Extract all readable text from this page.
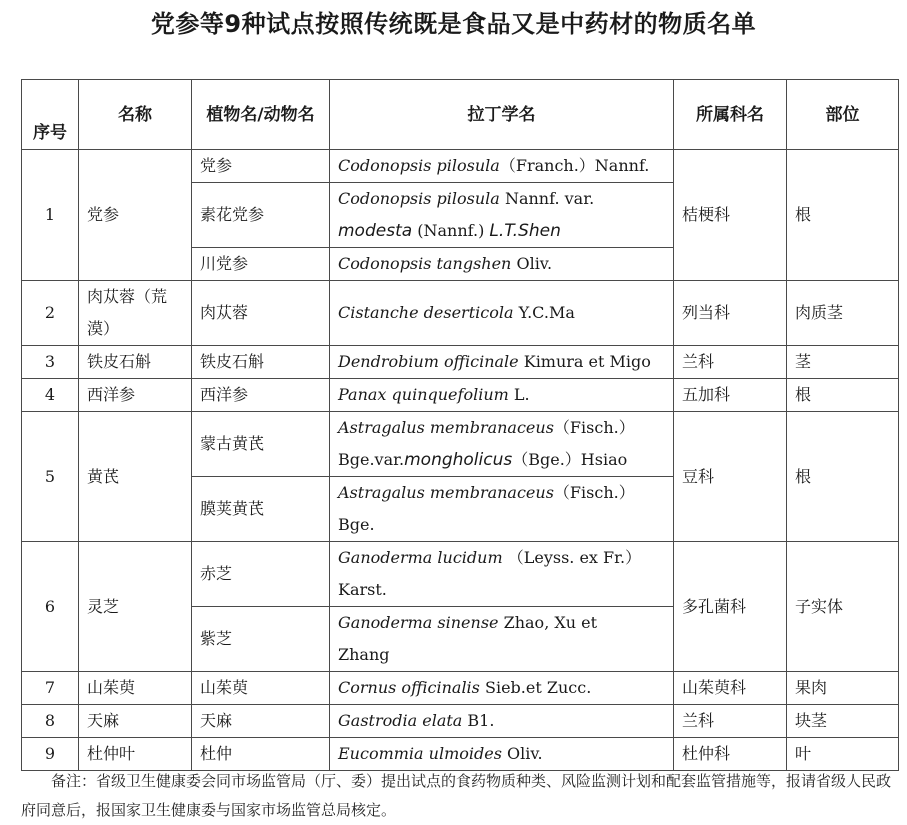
党参等9种试点按照传统既是食品又是中药材的物质名单
序号	名称	植物名/动物名	拉丁学名	所属科名	部位
1	党参	党参	Codonopsis pilosula（Franch.）Nannf.	桔梗科	根
		素花党参	Codonopsis pilosula Nannf. var.
modesta (Nannf.) L.T.Shen		
		川党参	Codonopsis tangshen Oliv.		
2	肉苁蓉（荒漠）	肉苁蓉	Cistanche deserticola Y.C.Ma	列当科	肉质茎
3	铁皮石斛	铁皮石斛	Dendrobium officinale Kimura et Migo	兰科	茎
4	西洋参	西洋参	Panax quinquefolium L.	五加科	根
5	黄芪	蒙古黄芪	Astragalus membranaceus（Fisch.）
Bge.var.mongholicus（Bge.）Hsiao	豆科	根
		膜荚黄芪	Astragalus membranaceus（Fisch.）
Bge.		
6	灵芝	赤芝	Ganoderma lucidum （Leyss. ex Fr.）
Karst.	多孔菌科	子实体
		紫芝	Ganoderma sinense Zhao, Xu et
Zhang		
7	山茱萸	山茱萸	Cornus officinalis Sieb.et Zucc.	山茱萸科	果肉
8	天麻	天麻	Gastrodia elata B1.	兰科	块茎
9	杜仲叶	杜仲	Eucommia ulmoides Oliv.	杜仲科	叶
备注：省级卫生健康委会同市场监管局（厅、委）提出试点的食药物质种类、风险监测计划和配套监管措施等，报请省级人民政府同意后，报国家卫生健康委与国家市场监管总局核定。
